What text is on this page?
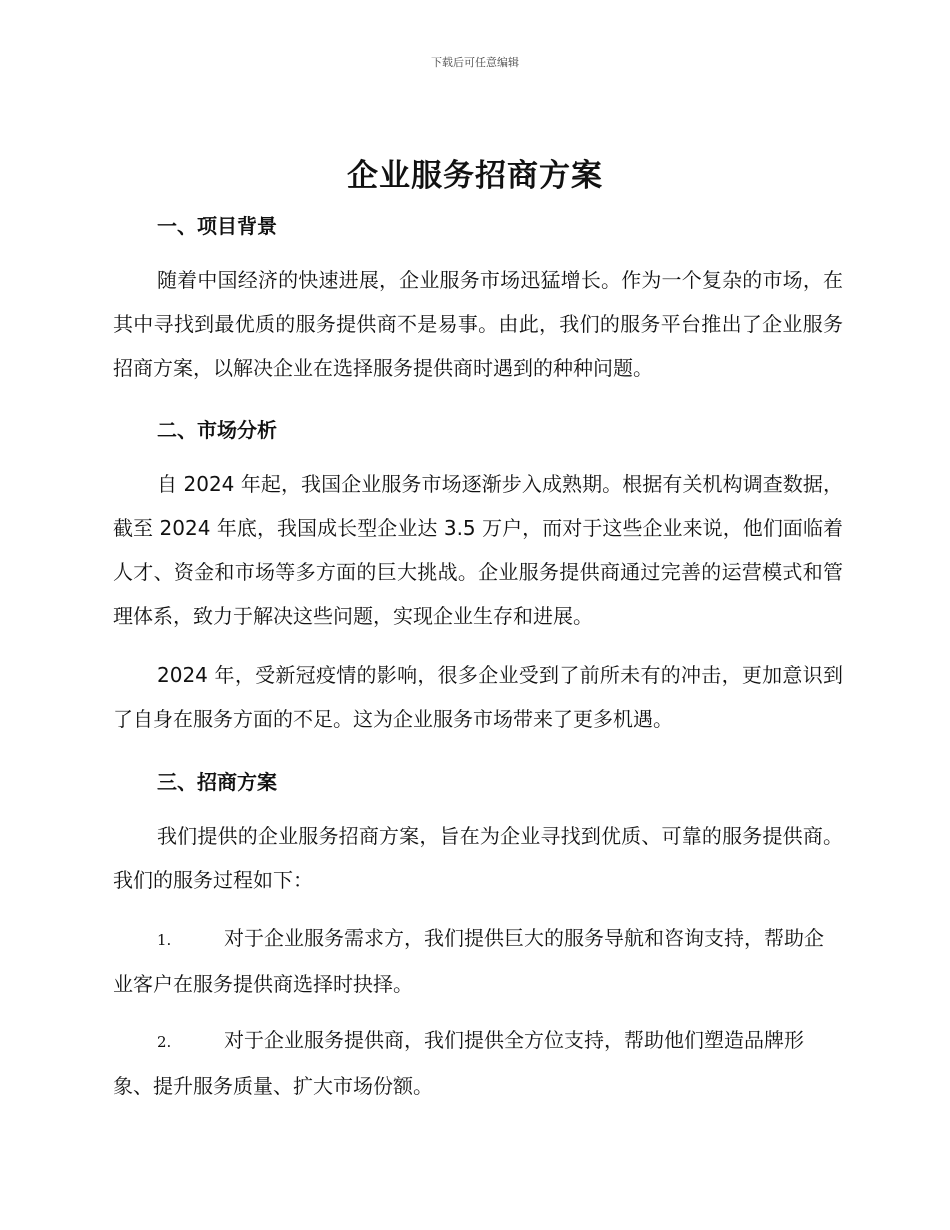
下载后可任意编辑
企业服务招商方案
一、项目背景
随着中国经济的快速进展，企业服务市场迅猛增长。作为一个复杂的市场，在其中寻找到最优质的服务提供商不是易事。由此，我们的服务平台推出了企业服务招商方案，以解决企业在选择服务提供商时遇到的种种问题。
二、市场分析
自 2024 年起，我国企业服务市场逐渐步入成熟期。根据有关机构调查数据，截至 2024 年底，我国成长型企业达 3.5 万户，而对于这些企业来说，他们面临着人才、资金和市场等多方面的巨大挑战。企业服务提供商通过完善的运营模式和管理体系，致力于解决这些问题，实现企业生存和进展。
2024 年，受新冠疫情的影响，很多企业受到了前所未有的冲击，更加意识到了自身在服务方面的不足。这为企业服务市场带来了更多机遇。
三、招商方案
我们提供的企业服务招商方案，旨在为企业寻找到优质、可靠的服务提供商。我们的服务过程如下：
1.	对于企业服务需求方，我们提供巨大的服务导航和咨询支持，帮助企业客户在服务提供商选择时抉择。
2.	对于企业服务提供商，我们提供全方位支持，帮助他们塑造品牌形象、提升服务质量、扩大市场份额。
